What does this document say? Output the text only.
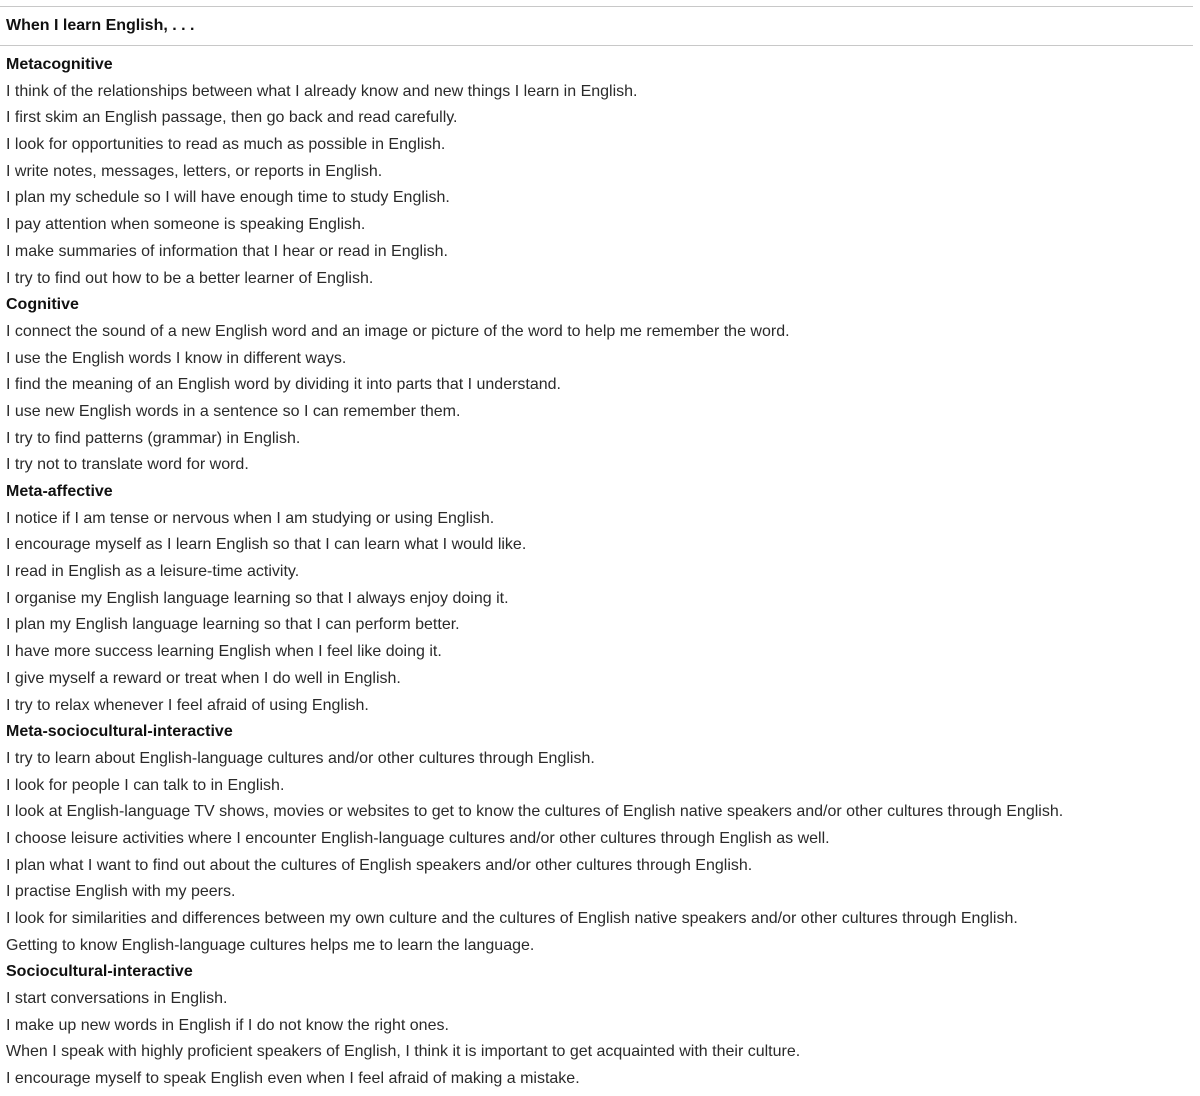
When I learn English, . . .
Metacognitive
I think of the relationships between what I already know and new things I learn in English.
I first skim an English passage, then go back and read carefully.
I look for opportunities to read as much as possible in English.
I write notes, messages, letters, or reports in English.
I plan my schedule so I will have enough time to study English.
I pay attention when someone is speaking English.
I make summaries of information that I hear or read in English.
I try to find out how to be a better learner of English.
Cognitive
I connect the sound of a new English word and an image or picture of the word to help me remember the word.
I use the English words I know in different ways.
I find the meaning of an English word by dividing it into parts that I understand.
I use new English words in a sentence so I can remember them.
I try to find patterns (grammar) in English.
I try not to translate word for word.
Meta-affective
I notice if I am tense or nervous when I am studying or using English.
I encourage myself as I learn English so that I can learn what I would like.
I read in English as a leisure-time activity.
I organise my English language learning so that I always enjoy doing it.
I plan my English language learning so that I can perform better.
I have more success learning English when I feel like doing it.
I give myself a reward or treat when I do well in English.
I try to relax whenever I feel afraid of using English.
Meta-sociocultural-interactive
I try to learn about English-language cultures and/or other cultures through English.
I look for people I can talk to in English.
I look at English-language TV shows, movies or websites to get to know the cultures of English native speakers and/or other cultures through English.
I choose leisure activities where I encounter English-language cultures and/or other cultures through English as well.
I plan what I want to find out about the cultures of English speakers and/or other cultures through English.
I practise English with my peers.
I look for similarities and differences between my own culture and the cultures of English native speakers and/or other cultures through English.
Getting to know English-language cultures helps me to learn the language.
Sociocultural-interactive
I start conversations in English.
I make up new words in English if I do not know the right ones.
When I speak with highly proficient speakers of English, I think it is important to get acquainted with their culture.
I encourage myself to speak English even when I feel afraid of making a mistake.
